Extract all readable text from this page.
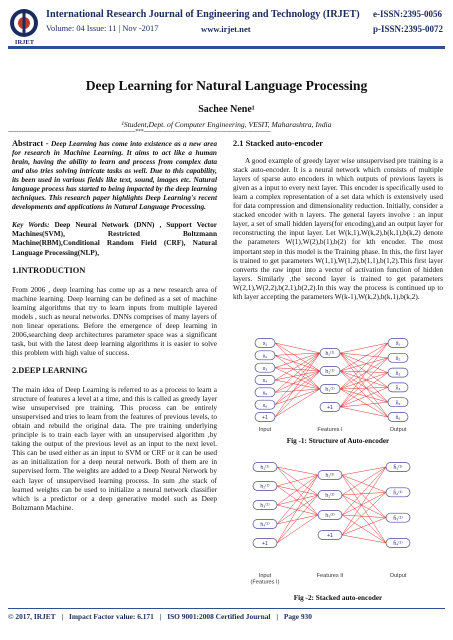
IRJET
International Research Journal of Engineering and Technology (IRJET) e-ISSN:2395-0056
Volume: 04 Issue: 11 | Nov -2017	www.irjet.net	p-ISSN:2395-0072
Deep Learning for Natural Language Processing
Sachee Nene¹
¹Student,Dept. of Computer Engineering, VESIT, Maharashtra, India
---------------------------------------------------------------------------***---------------------------------------------------------------------------

Abstract - Deep Learning has come into existence as a new area for research in Machine Learning. It aims to act like a human brain, having the ability to learn and process from complex data and also tries solving intricate tasks as well. Due to this capability, its been used in various fields like text, sound, images etc. Natural language process has started to being impacted by the deep learning techniques. This research paper highlights Deep Learning's recent developments and applications in Natural Language Processing.

Key Words: Deep Neural Network (DNN) , Support Vector Machines(SVM), Restricted Boltzmann Machine(RBM),Conditional Random Field (CRF), Natural Language Processing(NLP),

1.INTRODUCTION

From 2006 , deep learning has come up as a new research area of machine learning. Deep learning can be defined as a set of machine learning algorithms that try to learn inputs from multiple layered models , such as neural networks. DNNs comprises of many layers of non linear operations. Before the emergence of deep learning in 2006,searching deep architectures parameter space was a significant task, but with the latest deep learning algorithms it is easier to solve this problem with high value of success.

2.DEEP LEARNING

The main idea of Deep Learning is referred to as a process to learn a structure of features a level at a time, and this is called as greedy layer wise unsupervised pre training. This process can be entirely unsupervised and tries to learn from the features of previous levels, to obtain and rebuild the original data. The pre training underlying principle is to train each layer with an unsupervised algorithm ,by taking the output of the previous level as an input to the next level. This can be used either as an input to SVM or CRF or it can be used as an initialization for a deep neural network. Both of them are in supervised form. The weights are added to a Deep Neural Network by each layer of unsupervised learning process. In sum ,the stack of learned weights can be used to initialize a neural network classifier which is a predictor or a deep generative model such as Deep Boltzmann Machine.

2.1 Stacked auto-encoder

A good example of greedy layer wise unsupervised pre training is a stack auto-encoder. It is a neural network which consists of multiple layers of sparse auto encoders in which outputs of previous layers is given as a input to every next layer. This encoder is specifically used to learn a complex representation of a set data which is extensively used for data compression and dimensionality reduction. Initially, consider a stacked encoder with n layers. The general layers involve : an input layer, a set of small hidden layers(for encoding),and an output layer for reconstructing the input layer. Let W(k,1),W(k,2),b(k,1),b(k,2) denote the parameters W(1),W(2),b(1),b(2) for kth encoder. The most important step in this model is the Training phase. In this, the first layer is trained to get parameters W(1,1),W(1,2),b(1,1),b(1,2).This first layer converts the raw input into a vector of activation function of hidden layers. Similarly ,the second layer is trained to get parameters W(2,1),W(2,2),b(2,1),b(2,2).In this way the process is continued up to kth layer accepting the parameters W(k-1),W(k,2),b(k,1),b(k,2).

x₁
x₂
x₃
x₄
x₅
x₆
+1
h₁⁽¹⁾
h₂⁽¹⁾
h₃⁽¹⁾
+1
x̂₁
x̂₂
x̂₃
x̂₄
x̂₅
x̂₆
Input	Features I	Output
Fig -1: Structure of Auto-encoder
h₁⁽¹⁾
h₂⁽¹⁾
h₃⁽¹⁾
h₄⁽¹⁾
+1
h₁⁽²⁾
h₂⁽²⁾
h₃⁽²⁾
+1
ĥ₁⁽¹⁾
ĥ₂⁽¹⁾
ĥ₃⁽¹⁾
ĥ₄⁽¹⁾
Input
(Features I)
Features II	Output
Fig -2: Stacked auto-encoder
© 2017, IRJET | Impact Factor value: 6.171 | ISO 9001:2008 Certified Journal | Page 930
